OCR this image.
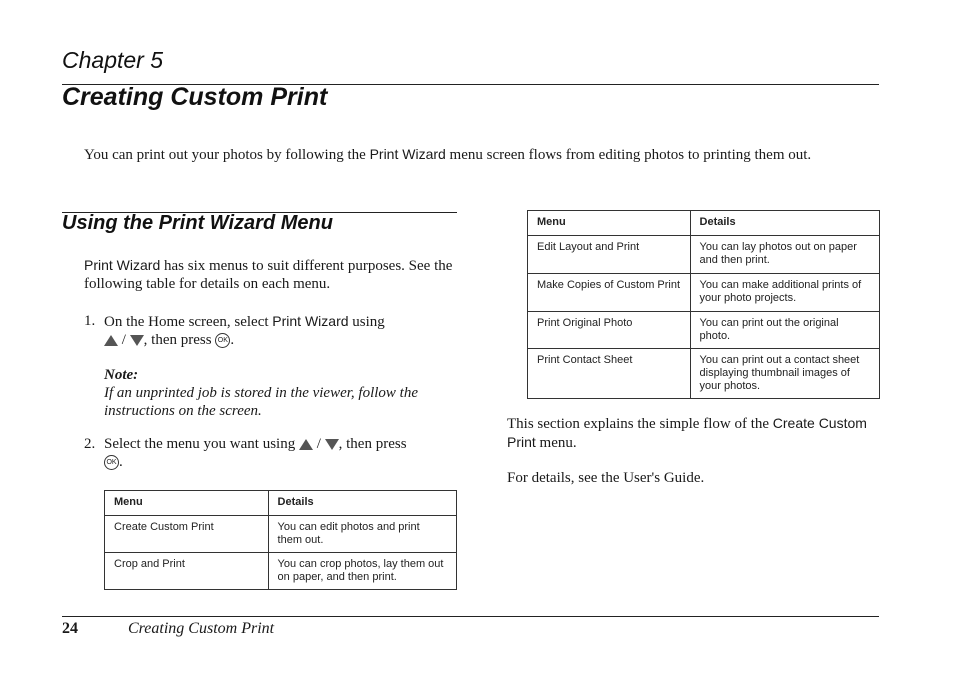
Chapter 5
Creating Custom Print
You can print out your photos by following the Print Wizard menu screen flows from editing photos to printing them out.
Using the Print Wizard Menu
Print Wizard has six menus to suit different purposes. See the following table for details on each menu.
1. On the Home screen, select Print Wizard using
/ , then press OK .
Note:
If an unprinted job is stored in the viewer, follow the instructions on the screen.
2. Select the menu you want using / , then press
OK .
Menu	Details
Create Custom Print	You can edit photos and print them out.
Crop and Print	You can crop photos, lay them out on paper, and then print.
Menu	Details
Edit Layout and Print	You can lay photos out on paper and then print.
Make Copies of Custom Print	You can make additional prints of your photo projects.
Print Original Photo	You can print out the original photo.
Print Contact Sheet	You can print out a contact sheet displaying thumbnail images of your photos.
This section explains the simple flow of the Create Custom Print menu.
For details, see the User's Guide.
24	Creating Custom Print
